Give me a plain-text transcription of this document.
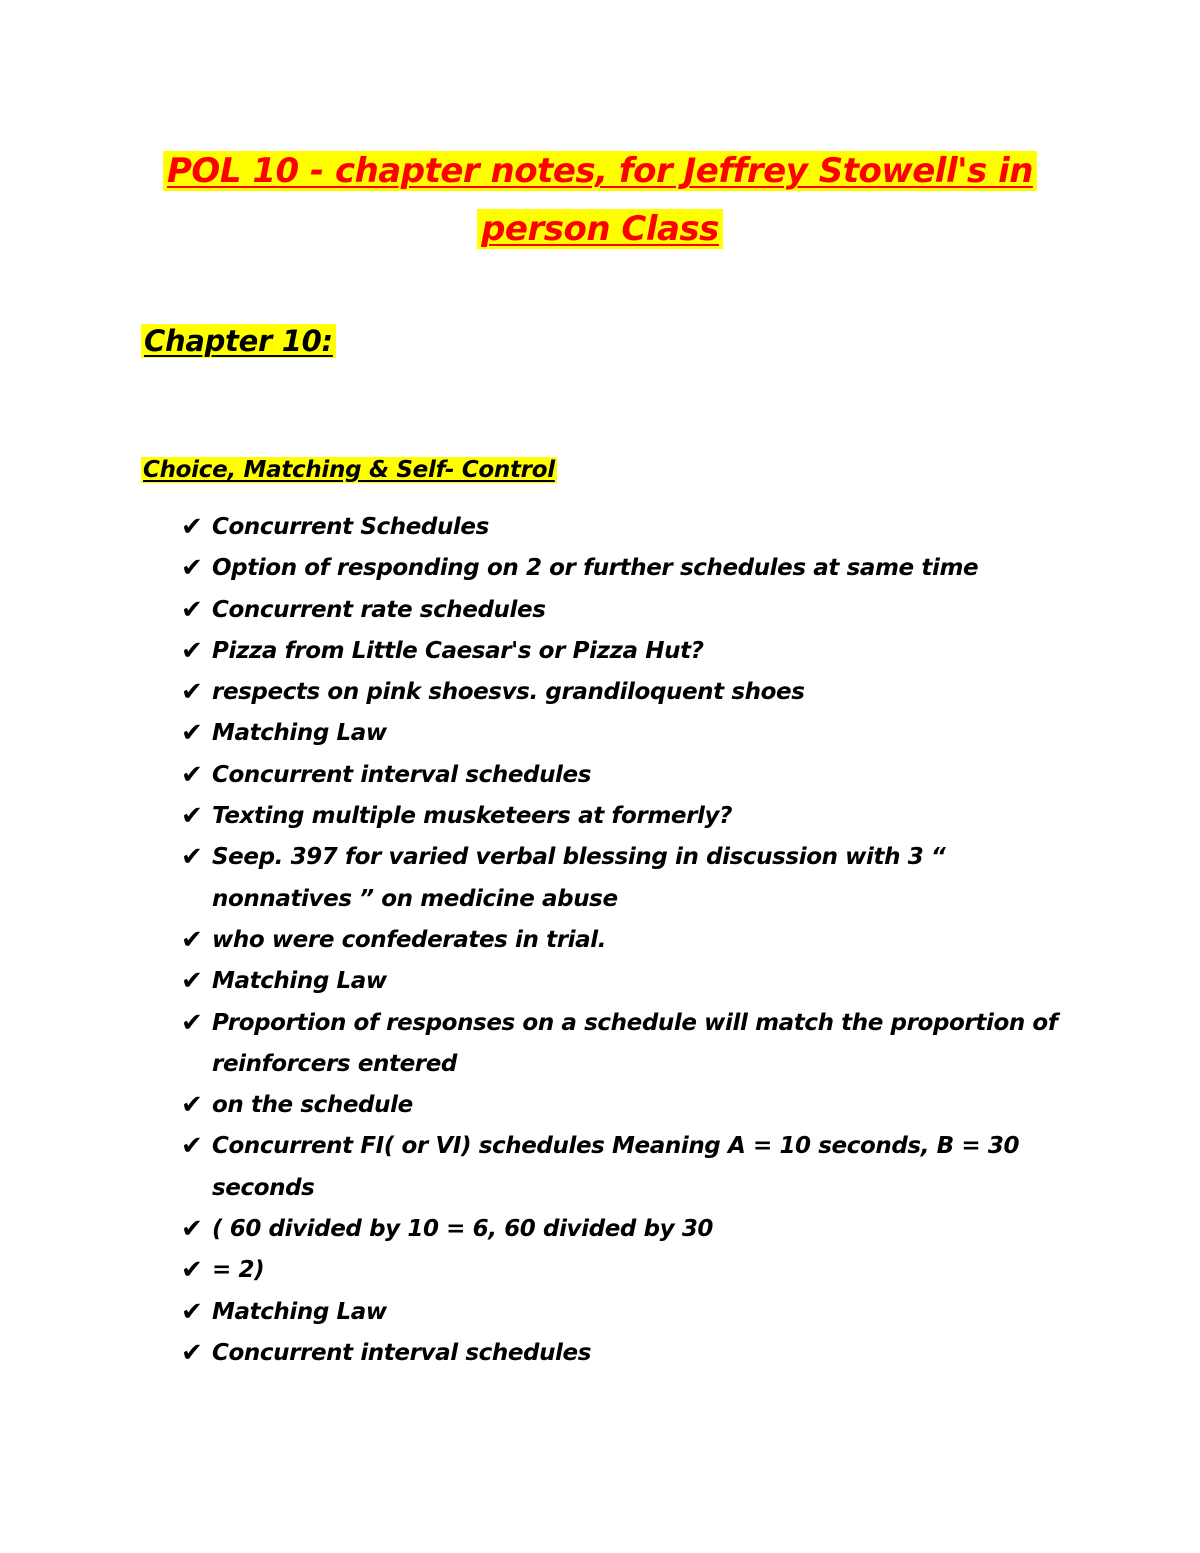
POL 10 - chapter notes, for Jeffrey Stowell's in
person Class
Chapter 10:
Choice, Matching & Self- Control
✔ Concurrent Schedules
✔ Option of responding on 2 or further schedules at same time
✔ Concurrent rate schedules
✔ Pizza from Little Caesar's or Pizza Hut?
✔ respects on pink shoesvs. grandiloquent shoes
✔ Matching Law
✔ Concurrent interval schedules
✔ Texting multiple musketeers at formerly?
✔ Seep. 397 for varied verbal blessing in discussion with 3 “ nonnatives ” on medicine abuse
✔ who were confederates in trial.
✔ Matching Law
✔ Proportion of responses on a schedule will match the proportion of reinforcers entered
✔ on the schedule
✔ Concurrent FI( or VI) schedules Meaning A = 10 seconds, B = 30 seconds
✔ ( 60 divided by 10 = 6, 60 divided by 30
✔ = 2)
✔ Matching Law
✔ Concurrent interval schedules
